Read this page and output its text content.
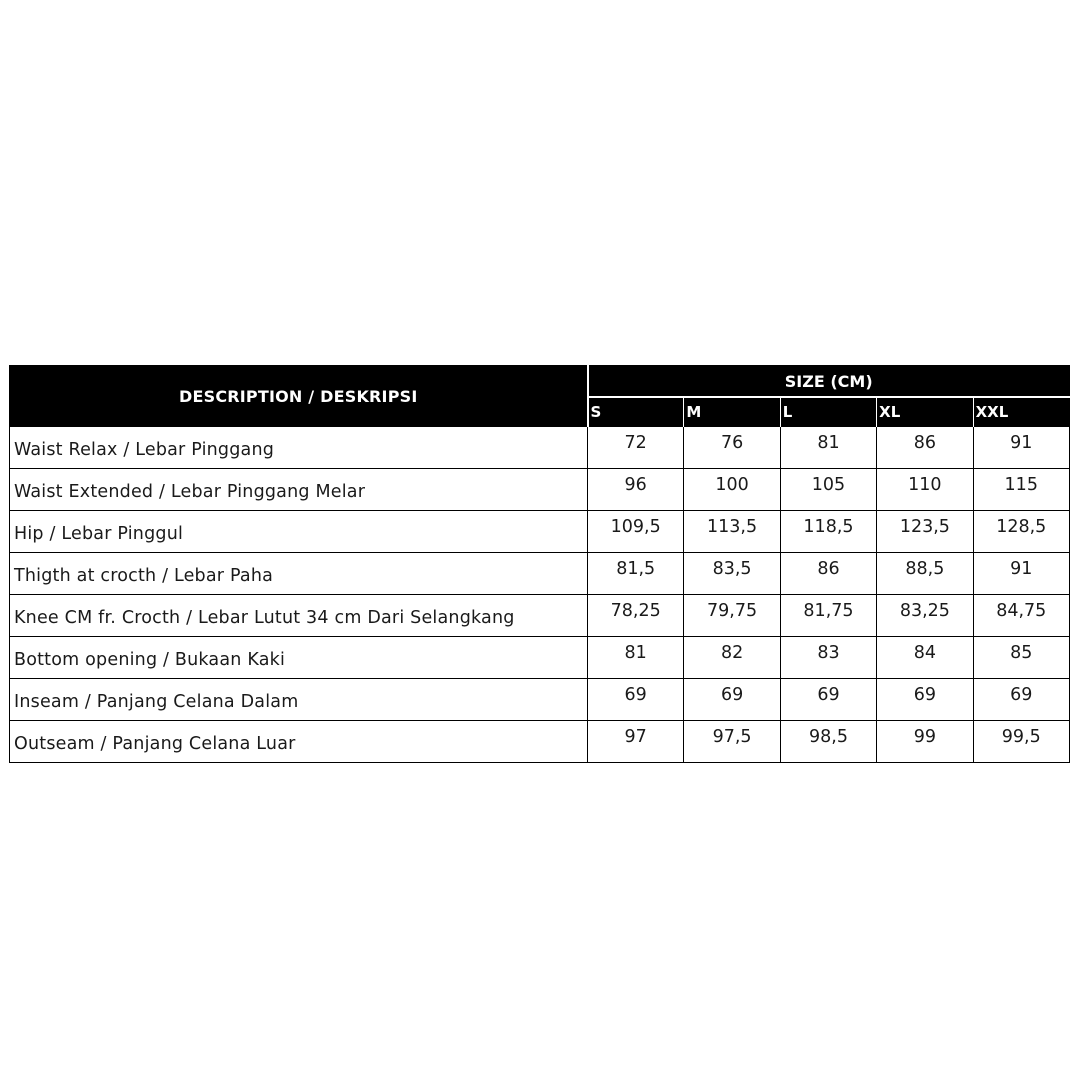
DESCRIPTION / DESKRIPSI	SIZE (CM)				
	S	M	L	XL	XXL
Waist Relax / Lebar Pinggang	72	76	81	86	91
Waist Extended / Lebar Pinggang Melar	96	100	105	110	115
Hip / Lebar Pinggul	109,5	113,5	118,5	123,5	128,5
Thigth at crocth / Lebar Paha	81,5	83,5	86	88,5	91
Knee CM fr. Crocth / Lebar Lutut 34 cm Dari Selangkang	78,25	79,75	81,75	83,25	84,75
Bottom opening / Bukaan Kaki	81	82	83	84	85
Inseam / Panjang Celana Dalam	69	69	69	69	69
Outseam / Panjang Celana Luar	97	97,5	98,5	99	99,5
